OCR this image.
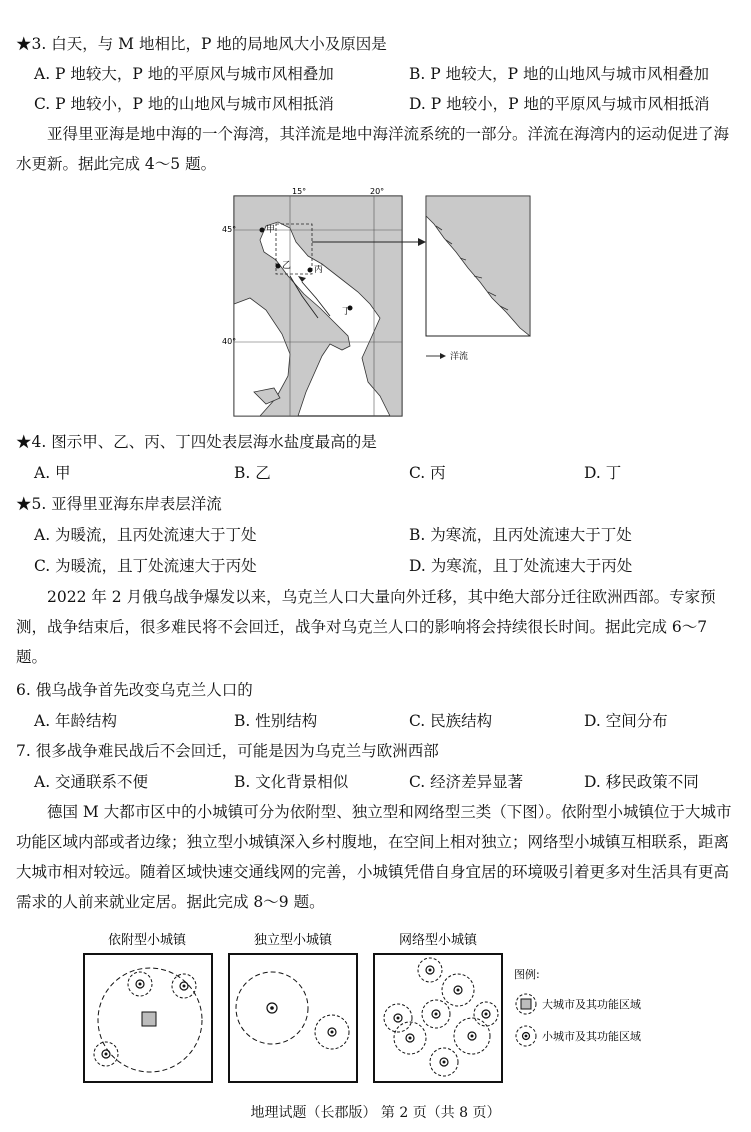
★3. 白天，与 M 地相比，P 地的局地风大小及原因是
A. P 地较大，P 地的平原风与城市风相叠加	B. P 地较大，P 地的山地风与城市风相叠加
C. P 地较小，P 地的山地风与城市风相抵消	D. P 地较小，P 地的平原风与城市风相抵消
亚得里亚海是地中海的一个海湾，其洋流是地中海洋流系统的一部分。洋流在海湾内的运动促进了海水更新。据此完成 4～5 题。
15°	20°
45°
40°
甲
乙	丙
丁
洋流
★4. 图示甲、乙、丙、丁四处表层海水盐度最高的是
A. 甲	B. 乙	C. 丙	D. 丁
★5. 亚得里亚海东岸表层洋流
A. 为暖流，且丙处流速大于丁处	B. 为寒流，且丙处流速大于丁处
C. 为暖流，且丁处流速大于丙处	D. 为寒流，且丁处流速大于丙处
2022 年 2 月俄乌战争爆发以来，乌克兰人口大量向外迁移，其中绝大部分迁往欧洲西部。专家预测，战争结束后，很多难民将不会回迁，战争对乌克兰人口的影响将会持续很长时间。据此完成 6～7 题。
6. 俄乌战争首先改变乌克兰人口的
A. 年龄结构	B. 性别结构	C. 民族结构	D. 空间分布
7. 很多战争难民战后不会回迁，可能是因为乌克兰与欧洲西部
A. 交通联系不便	B. 文化背景相似	C. 经济差异显著	D. 移民政策不同
德国 M 大都市区中的小城镇可分为依附型、独立型和网络型三类（下图）。依附型小城镇位于大城市功能区域内部或者边缘；独立型小城镇深入乡村腹地，在空间上相对独立；网络型小城镇互相联系，距离大城市相对较远。随着区域快速交通线网的完善，小城镇凭借自身宜居的环境吸引着更多对生活具有更高需求的人前来就业定居。据此完成 8～9 题。
依附型小城镇	独立型小城镇	网络型小城镇
图例:
大城市及其功能区域
小城市及其功能区域
地理试题（长郡版） 第 2 页（共 8 页）
